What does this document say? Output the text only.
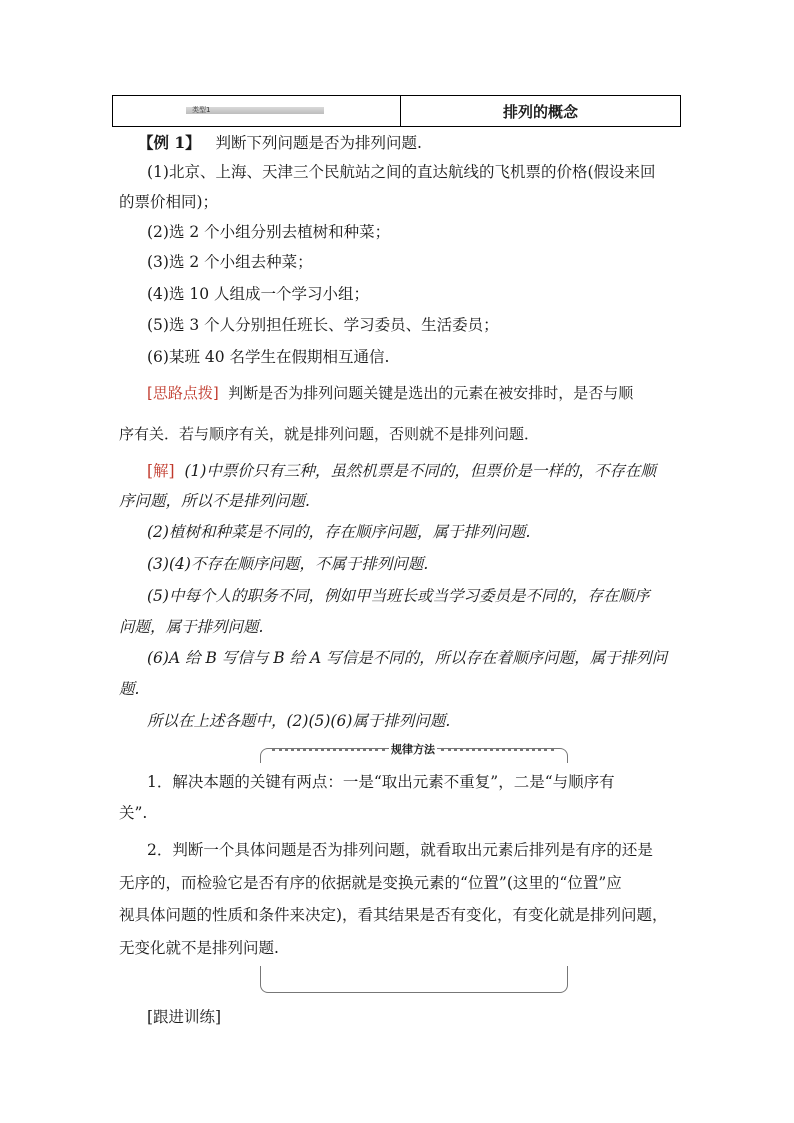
类型1	排列的概念
【例 1】 判断下列问题是否为排列问题.
(1)北京、上海、天津三个民航站之间的直达航线的飞机票的价格(假设来回
的票价相同)；
(2)选 2 个小组分别去植树和种菜；
(3)选 2 个小组去种菜；
(4)选 10 人组成一个学习小组；
(5)选 3 个人分别担任班长、学习委员、生活委员；
(6)某班 40 名学生在假期相互通信.
[思路点拨] 判断是否为排列问题关键是选出的元素在被安排时，是否与顺
序有关．若与顺序有关，就是排列问题，否则就不是排列问题．
[解] (1)中票价只有三种，虽然机票是不同的，但票价是一样的，不存在顺
序问题，所以不是排列问题.
(2)植树和种菜是不同的，存在顺序问题，属于排列问题.
(3)(4)不存在顺序问题，不属于排列问题.
(5)中每个人的职务不同，例如甲当班长或当学习委员是不同的，存在顺序
问题，属于排列问题.
(6)A 给 B 写信与 B 给 A 写信是不同的，所以存在着顺序问题，属于排列问
题.
所以在上述各题中，(2)(5)(6)属于排列问题.
规律方法
1．解决本题的关键有两点：一是“取出元素不重复”，二是“与顺序有
关”.
2．判断一个具体问题是否为排列问题，就看取出元素后排列是有序的还是
无序的，而检验它是否有序的依据就是变换元素的“位置”(这里的“位置”应
视具体问题的性质和条件来决定)，看其结果是否有变化，有变化就是排列问题，
无变化就不是排列问题.
[跟进训练]
